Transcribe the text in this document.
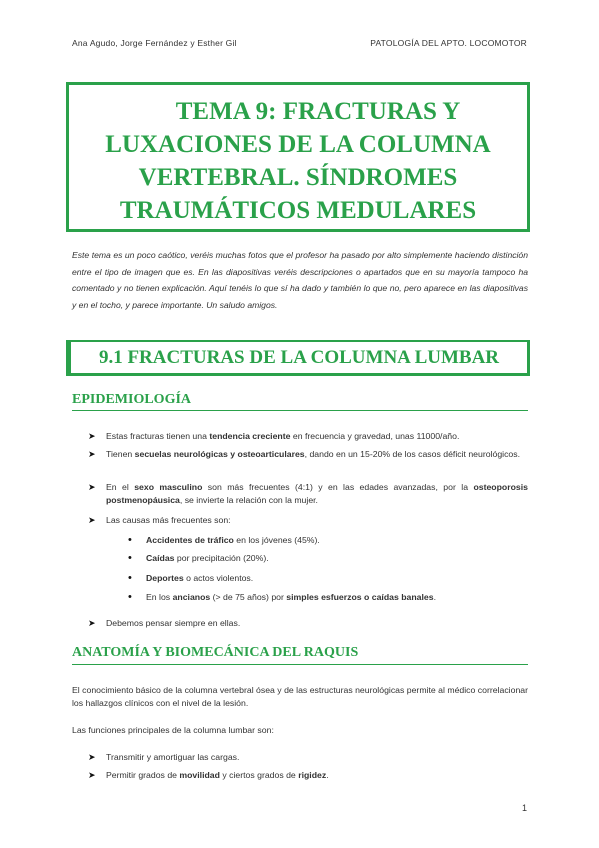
Ana Agudo, Jorge Fernández y Esther Gil	PATOLOGÍA DEL APTO. LOCOMOTOR
TEMA 9: FRACTURAS Y
LUXACIONES DE LA COLUMNA
VERTEBRAL. SÍNDROMES
TRAUMÁTICOS MEDULARES
Este tema es un poco caótico, veréis muchas fotos que el profesor ha pasado por alto simplemente haciendo distinción entre el tipo de imagen que es. En las diapositivas veréis descripciones o apartados que en su mayoría tampoco ha comentado y no tienen explicación. Aquí tenéis lo que sí ha dado y también lo que no, pero aparece en las diapositivas y en el tocho, y parece importante. Un saludo amigos.
9.1 FRACTURAS DE LA COLUMNA LUMBAR
EPIDEMIOLOGÍA
➤ Estas fracturas tienen una tendencia creciente en frecuencia y gravedad, unas 11000/año.
➤ Tienen secuelas neurológicas y osteoarticulares, dando en un 15-20% de los casos déficit neurológicos.
➤ En el sexo masculino son más frecuentes (4:1) y en las edades avanzadas, por la osteoporosis postmenopáusica, se invierte la relación con la mujer.
➤ Las causas más frecuentes son:
• Accidentes de tráfico en los jóvenes (45%).
• Caídas por precipitación (20%).
• Deportes o actos violentos.
• En los ancianos (> de 75 años) por simples esfuerzos o caídas banales.
➤ Debemos pensar siempre en ellas.
ANATOMÍA Y BIOMECÁNICA DEL RAQUIS
El conocimiento básico de la columna vertebral ósea y de las estructuras neurológicas permite al médico correlacionar los hallazgos clínicos con el nivel de la lesión.
Las funciones principales de la columna lumbar son:
➤ Transmitir y amortiguar las cargas.
➤ Permitir grados de movilidad y ciertos grados de rigidez.
1
